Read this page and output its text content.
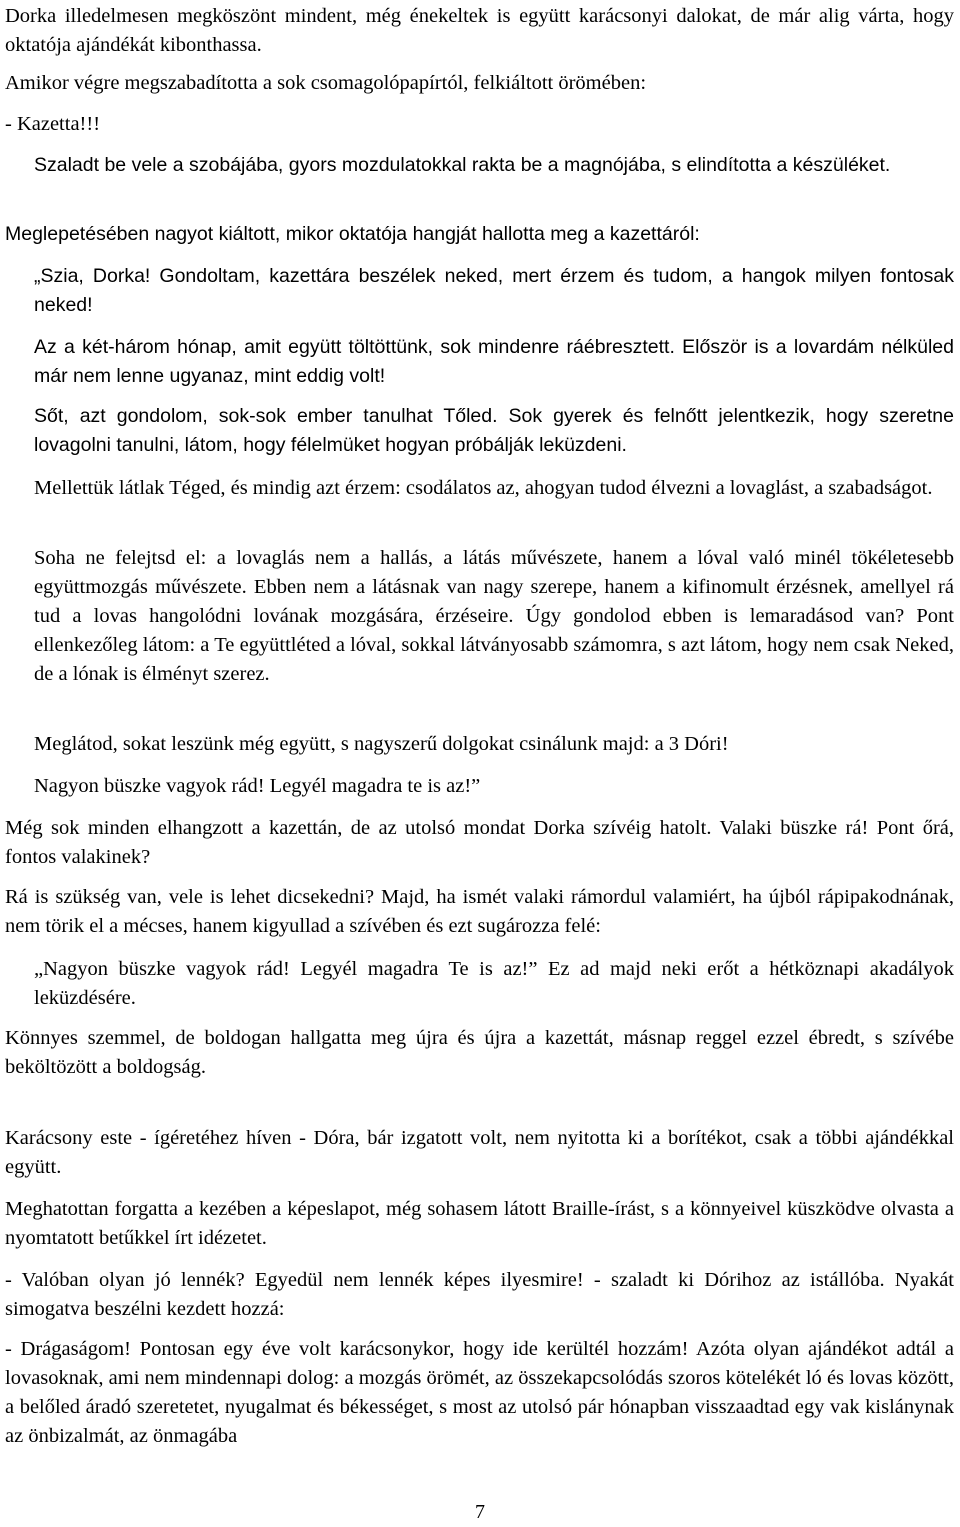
Dorka illedelmesen megköszönt mindent, még énekeltek is együtt karácsonyi dalokat, de már alig várta, hogy oktatója ajándékát kibonthassa.

Amikor végre megszabadította a sok csomagolópapírtól, felkiáltott örömében:

- Kazetta!!!

Szaladt be vele a szobájába, gyors mozdulatokkal rakta be a magnójába, s elindította a készüléket.

Meglepetésében nagyot kiáltott, mikor oktatója hangját hallotta meg a kazettáról:

„Szia, Dorka! Gondoltam, kazettára beszélek neked, mert érzem és tudom, a hangok milyen fontosak neked!

Az a két-három hónap, amit együtt töltöttünk, sok mindenre ráébresztett. Először is a lovardám nélküled már nem lenne ugyanaz, mint eddig volt!

Sőt, azt gondolom, sok-sok ember tanulhat Tőled. Sok gyerek és felnőtt jelentkezik, hogy szeretne lovagolni tanulni, látom, hogy félelmüket hogyan próbálják leküzdeni.

Mellettük látlak Téged, és mindig azt érzem: csodálatos az, ahogyan tudod élvezni a lovaglást, a szabadságot.

Soha ne felejtsd el: a lovaglás nem a hallás, a látás művészete, hanem a lóval való minél tökéletesebb együttmozgás művészete. Ebben nem a látásnak van nagy szerepe, hanem a kifinomult érzésnek, amellyel rá tud a lovas hangolódni lovának mozgására, érzéseire. Úgy gondolod ebben is lemaradásod van? Pont ellenkezőleg látom: a Te együttléted a lóval, sokkal látványosabb számomra, s azt látom, hogy nem csak Neked, de a lónak is élményt szerez.

Meglátod, sokat leszünk még együtt, s nagyszerű dolgokat csinálunk majd: a 3 Dóri!

Nagyon büszke vagyok rád! Legyél magadra te is az!”

Még sok minden elhangzott a kazettán, de az utolsó mondat Dorka szívéig hatolt. Valaki büszke rá! Pont őrá, fontos valakinek?

Rá is szükség van, vele is lehet dicsekedni? Majd, ha ismét valaki rámordul valamiért, ha újból rápipakodnának, nem törik el a mécses, hanem kigyullad a szívében és ezt sugározza felé:

„Nagyon büszke vagyok rád! Legyél magadra Te is az!” Ez ad majd neki erőt a hétköznapi akadályok leküzdésére.

Könnyes szemmel, de boldogan hallgatta meg újra és újra a kazettát, másnap reggel ezzel ébredt, s szívébe beköltözött a boldogság.

Karácsony este - ígéretéhez híven - Dóra, bár izgatott volt, nem nyitotta ki a borítékot, csak a többi ajándékkal együtt.

Meghatottan forgatta a kezében a képeslapot, még sohasem látott Braille-írást, s a könnyeivel küszködve olvasta a nyomtatott betűkkel írt idézetet.

- Valóban olyan jó lennék? Egyedül nem lennék képes ilyesmire! - szaladt ki Dórihoz az istállóba. Nyakát simogatva beszélni kezdett hozzá:

- Drágaságom! Pontosan egy éve volt karácsonykor, hogy ide kerültél hozzám! Azóta olyan ajándékot adtál a lovasoknak, ami nem mindennapi dolog: a mozgás örömét, az összekapcsolódás szoros kötelékét ló és lovas között, a belőled áradó szeretetet, nyugalmat és békességet, s most az utolsó pár hónapban visszaadtad egy vak kislánynak az önbizalmát, az önmagába

7
